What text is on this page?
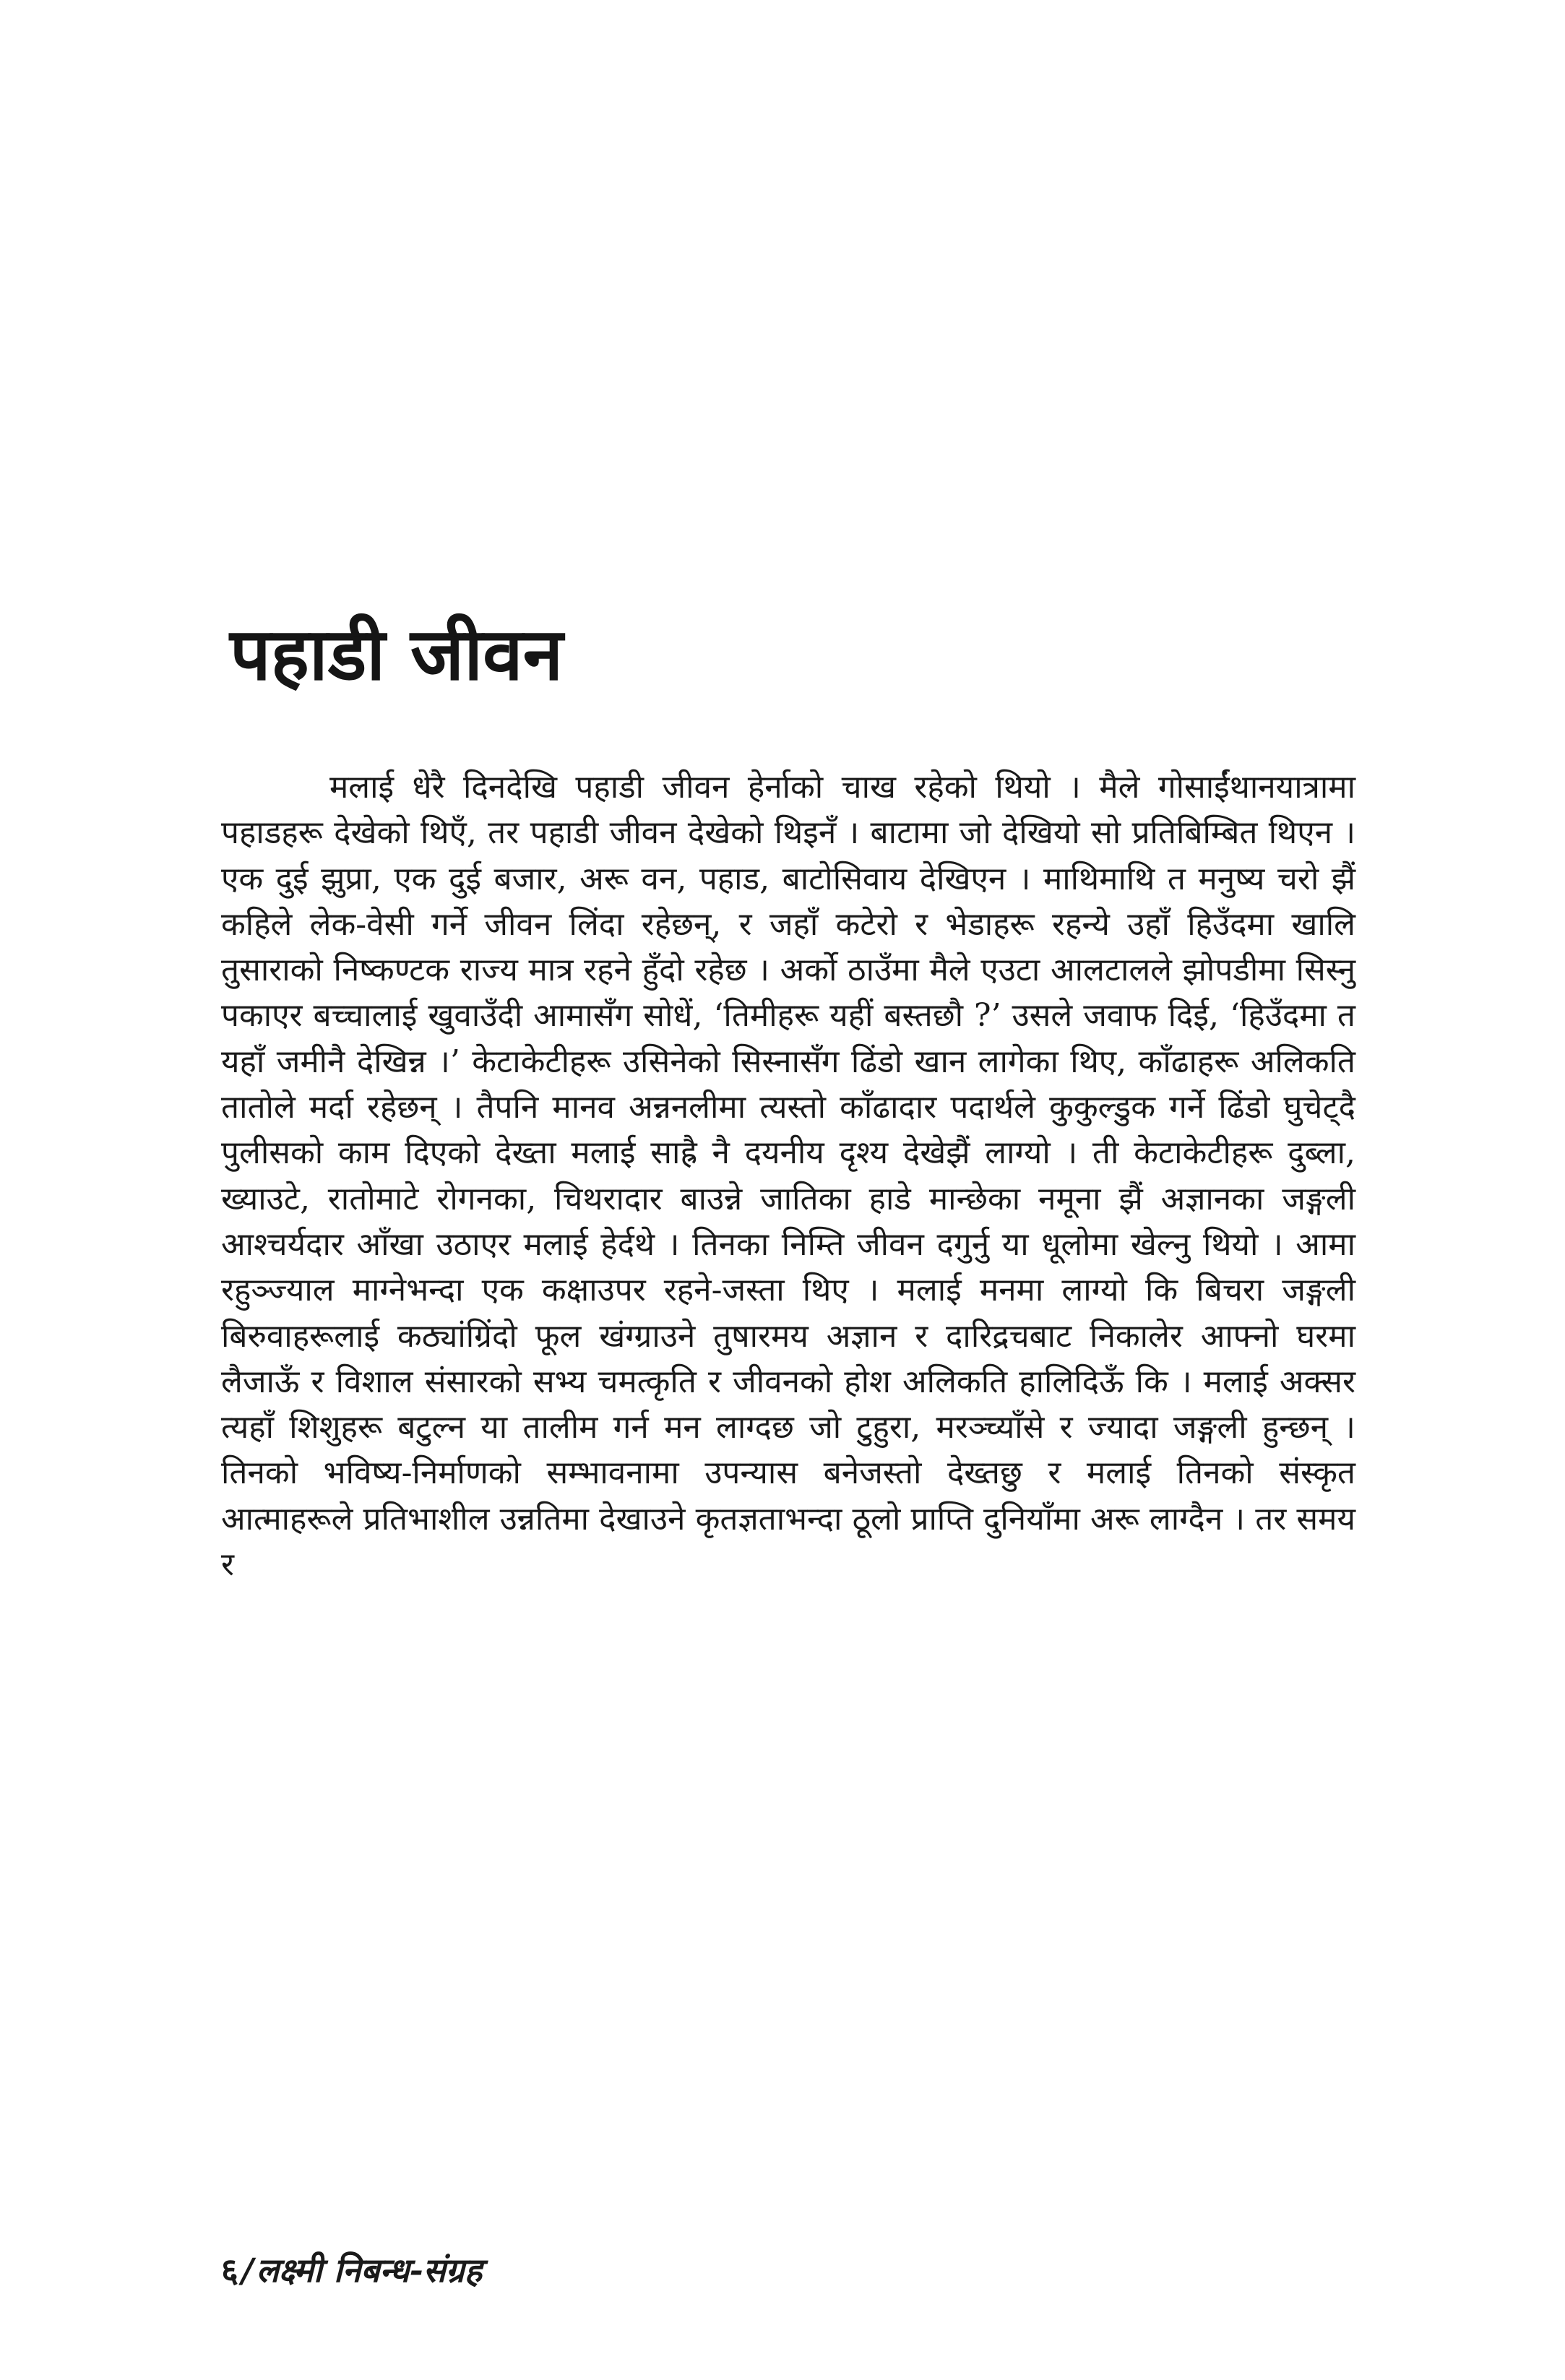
पहाडी जीवन

मलाई धेरै दिनदेखि पहाडी जीवन हेर्नाको चाख रहेको थियो । मैले गोसाईंथानयात्रामा पहाडहरू देखेको थिएँ, तर पहाडी जीवन देखेको थिइनँ । बाटामा जो देखियो सो प्रतिबिम्बित थिएन । एक दुई झुप्रा, एक दुई बजार, अरू वन, पहाड, बाटोसिवाय देखिएन । माथिमाथि त मनुष्य चरो झैं कहिले लेक-वेसी गर्ने जीवन लिंदा रहेछन्, र जहाँ कटेरो र भेडाहरू रहन्ये उहाँ हिउँदमा खालि तुसाराको निष्कण्टक राज्य मात्र रहने हुँदो रहेछ । अर्को ठाउँमा मैले एउटा आलटालले झोपडीमा सिस्नु पकाएर बच्चालाई खुवाउँदी आमासँग सोधें, ‘तिमीहरू यहीं बस्तछौ ?’ उसले जवाफ दिई, ‘हिउँदमा त यहाँ जमीनै देखिन्न ।’ केटाकेटीहरू उसिनेको सिस्नासँग ढिंडो खान लागेका थिए, काँढाहरू अलिकति तातोले मर्दा रहेछन् । तैपनि मानव अन्ननलीमा त्यस्तो काँढादार पदार्थले कुकुल्डुक गर्ने ढिंडो घुचेट्दै पुलीसको काम दिएको देख्ता मलाई साह्रै नै दयनीय दृश्य देखेझैं लाग्यो । ती केटाकेटीहरू दुब्ला, ख्याउटे, रातोमाटे रोगनका, चिथरादार बाउन्ने जातिका हाडे मान्छेका नमूना झैं अज्ञानका जङ्गली आश्चर्यदार आँखा उठाएर मलाई हेर्दथे । तिनका निम्ति जीवन दगुर्नु या धूलोमा खेल्नु थियो । आमा रहुञ्ज्याल माग्नेभन्दा एक कक्षाउपर रहने-जस्ता थिए । मलाई मनमा लाग्यो कि बिचरा जङ्गली बिरुवाहरूलाई कठ्यांग्रिंदो फूल खंग्ग्राउने तुषारमय अज्ञान र दारिद्रचबाट निकालेर आफ्नो घरमा लैजाऊँ र विशाल संसारको सभ्य चमत्कृति र जीवनको होश अलिकति हालिदिऊँ कि । मलाई अक्सर त्यहाँ शिशुहरू बटुल्न या तालीम गर्न मन लाग्दछ जो टुहुरा, मरञ्च्याँसे र ज्यादा जङ्गली हुन्छन् । तिनको भविष्य-निर्माणको सम्भावनामा उपन्यास बनेजस्तो देख्तछु र मलाई तिनको संस्कृत आत्माहरूले प्रतिभाशील उन्नतिमा देखाउने कृतज्ञताभन्दा ठूलो प्राप्ति दुनियाँमा अरू लाग्दैन । तर समय र

६/लक्ष्मी निबन्ध-संग्रह
